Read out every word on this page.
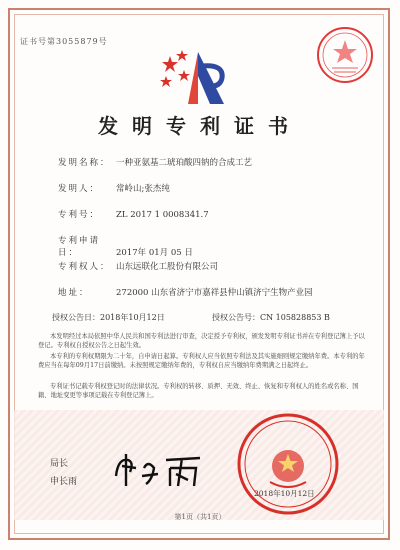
证书号第3055879号
发明专利证书
发明名称： 一种亚氨基二琥珀酸四钠的合成工艺
发明人： 常岭山;张杰纯
专利号： ZL 2017 1 0008341.7
专利申请日：	2017年 01月 05 日
专利权人： 山东远联化工股份有限公司
地址：	272000 山东省济宁市嘉祥县仲山镇济宁生物产业园
授权公告日：2018年10月12日	授权公告号：CN 105828853 B
本发明经过本局依照中华人民共和国专利法进行审查，决定授予专利权，颁发发明专利证书并在专利登记簿上予以登记。专利权自授权公告之日起生效。
本专利的专利权期限为二十年，自申请日起算。专利权人应当依照专利法及其实施细则规定缴纳年费。本专利的年费应当在每年09月17日前缴纳。未按照规定缴纳年费的，专利权自应当缴纳年费期满之日起终止。
专利证书记载专利权登记时的法律状况。专利权的转移、质押、无效、终止、恢复和专利权人的姓名或名称、国籍、地址变更等事项记载在专利登记簿上。
局长
申长雨
2018年10月12日
第1页（共1页）
